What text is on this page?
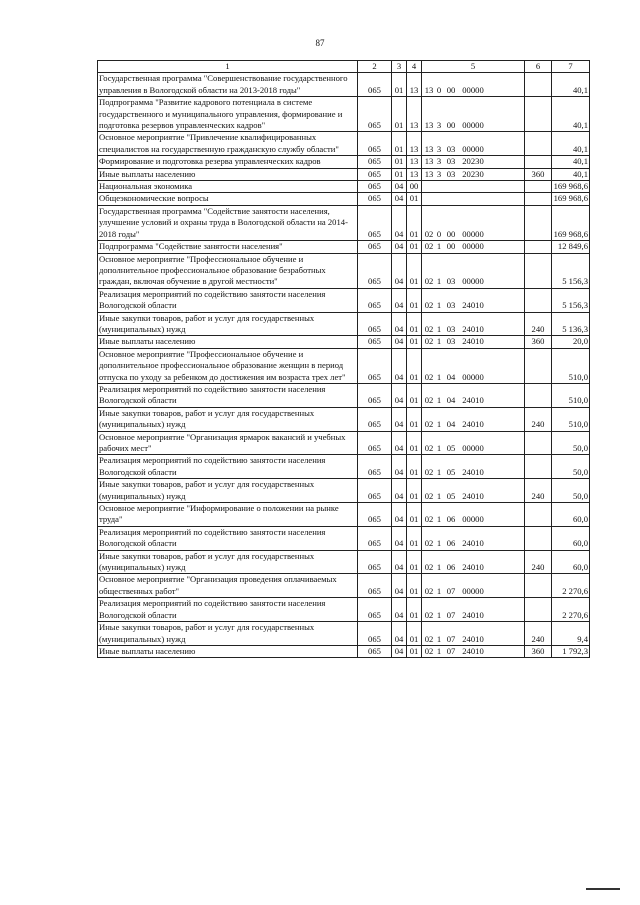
87
1	2	3	4	5	6	7
Государственная программа "Совершенствование государственного управления в Вологодской области на 2013-2018 годы"	065	01	13	13 0 00 00000		40,1
Подпрограмма "Развитие кадрового потенциала в системе государственного и муниципального управления, формирование и подготовка резервов управленческих кадров"	065	01	13	13 3 00 00000		40,1
Основное мероприятие "Привлечение квалифицированных специалистов на государственную гражданскую службу области"	065	01	13	13 3 03 00000		40,1
Формирование и подготовка резерва управленческих кадров	065	01	13	13 3 03 20230		40,1
Иные выплаты населению	065	01	13	13 3 03 20230	360	40,1
Национальная экономика	065	04	00			169 968,6
Общеэкономические вопросы	065	04	01			169 968,6
Государственная программа "Содействие занятости населения, улучшение условий и охраны труда в Вологодской области на 2014-2018 годы"	065	04	01	02 0 00 00000		169 968,6
Подпрограмма "Содействие занятости населения"	065	04	01	02 1 00 00000		12 849,6
Основное мероприятие "Профессиональное обучение и дополнительное профессиональное образование безработных граждан, включая обучение в другой местности"	065	04	01	02 1 03 00000		5 156,3
Реализация мероприятий по содействию занятости населения Вологодской области	065	04	01	02 1 03 24010		5 156,3
Иные закупки товаров, работ и услуг для государственных (муниципальных) нужд	065	04	01	02 1 03 24010	240	5 136,3
Иные выплаты населению	065	04	01	02 1 03 24010	360	20,0
Основное мероприятие "Профессиональное обучение и дополнительное профессиональное образование женщин в период отпуска по уходу за ребенком до достижения им возраста трех лет"	065	04	01	02 1 04 00000		510,0
Реализация мероприятий по содействию занятости населения Вологодской области	065	04	01	02 1 04 24010		510,0
Иные закупки товаров, работ и услуг для государственных (муниципальных) нужд	065	04	01	02 1 04 24010	240	510,0
Основное мероприятие "Организация ярмарок вакансий и учебных рабочих мест"	065	04	01	02 1 05 00000		50,0
Реализация мероприятий по содействию занятости населения Вологодской области	065	04	01	02 1 05 24010		50,0
Иные закупки товаров, работ и услуг для государственных (муниципальных) нужд	065	04	01	02 1 05 24010	240	50,0
Основное мероприятие "Информирование о положении на рынке труда"	065	04	01	02 1 06 00000		60,0
Реализация мероприятий по содействию занятости населения Вологодской области	065	04	01	02 1 06 24010		60,0
Иные закупки товаров, работ и услуг для государственных (муниципальных) нужд	065	04	01	02 1 06 24010	240	60,0
Основное мероприятие "Организация проведения оплачиваемых общественных работ"	065	04	01	02 1 07 00000		2 270,6
Реализация мероприятий по содействию занятости населения Вологодской области	065	04	01	02 1 07 24010		2 270,6
Иные закупки товаров, работ и услуг для государственных (муниципальных) нужд	065	04	01	02 1 07 24010	240	9,4
Иные выплаты населению	065	04	01	02 1 07 24010	360	1 792,3
